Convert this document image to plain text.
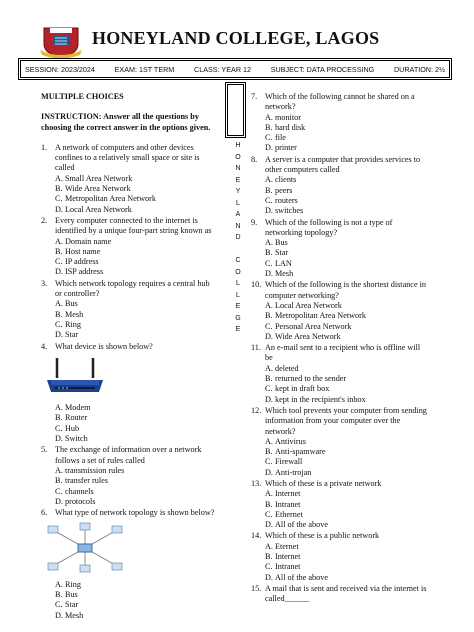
HONEYLAND COLLEGE, LAGOS
SESSION: 2023/2024	EXAM: 1ST TERM	CLASS: YEAR 12	SUBJECT: DATA PROCESSING	DURATION: 2½
. -- .
H
O
N
E
Y
L
A
N
D

C
O
L
L
E
G
E
MULTIPLE CHOICES
INSTRUCTION: Answer all the questions by choosing the correct answer in the options given.
1. A network of computers and other devices confines to a relatively small space or site is called
A. Small Area Network
B. Wide Area Network
C. Metropolitan Area Network
D. Local Area Network
2. Every computer connected to the internet is identified by a unique four-part string known as
A. Domain name
B. Host name
C. IP address
D. ISP address
3. Which network topology requires a central hub or controller?
A. Bus
B. Mesh
C. Ring
D. Star
4. What device is shown below?
A. Modem
B. Router
C. Hub
D. Switch
5. The exchange of information over a network follows a set of rules called
A. transmission rules
B. transfer rules
C. channels
D. protocols
6. What type of network topology is shown below?
A. Ring
B. Bus
C. Star
D. Mesh
7. Which of the following cannot be shared on a network?
A. monitor
B. hard disk
C. file
D. printer
8. A server is a computer that provides services to other computers called
A. clients
B. peers
C. routers
D. switches
9. Which of the following is not a type of networking topology?
A. Bus
B. Star
C. LAN
D. Mesh
10. Which of the following is the shortest distance in computer networking?
A. Local Area Network
B. Metropolitan Area Network
C. Personal Area Network
D. Wide Area Network
11. An e-mail sent to a recipient who is offline will be
A. deleted
B. returned to the sender
C. kept in draft box
D. kept in the recipient's inbox
12. Which tool prevents your computer from sending information from your computer over the network?
A. Antivirus
B. Anti-spamware
C. Firewall
D. Anti-trojan
13. Which of these is a private network
A. Internet
B. Intranet
C. Ethernet
D. All of the above
14. Which of these is a public network
A. Eternet
B. Internet
C. Intranet
D. All of the above
15. A mail that is sent and received via the internet is called______
